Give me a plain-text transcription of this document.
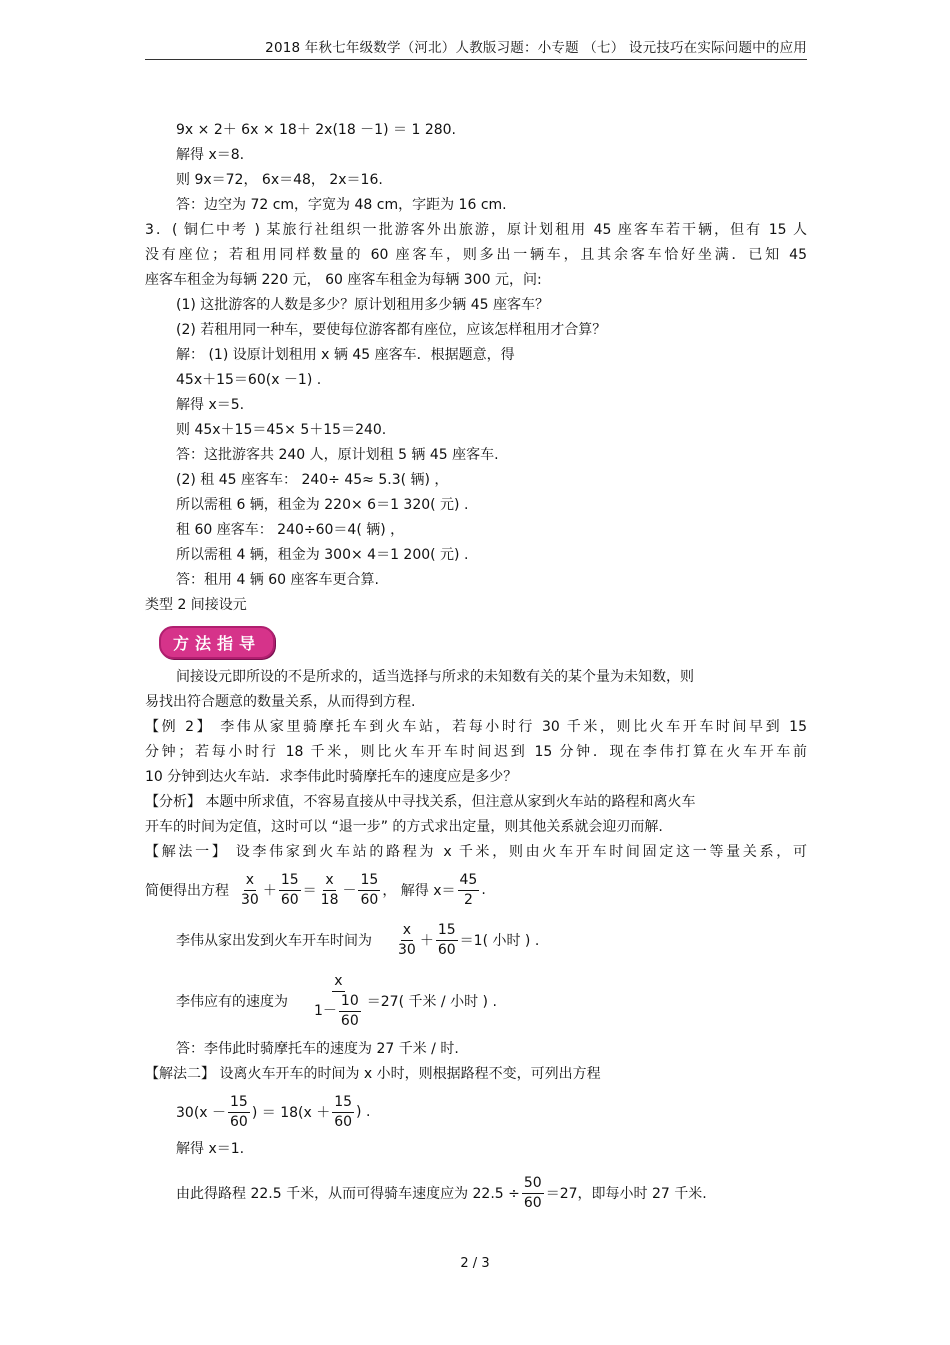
2018 年秋七年级数学（河北）人教版习题：小专题 （七） 设元技巧在实际问题中的应用
9x × 2＋ 6x × 18＋ 2x(18 －1) ＝ 1 280.
解得 x＝8.
则 9x＝72， 6x＝48， 2x＝16.
答：边空为 72 cm，字宽为 48 cm，字距为 16 cm.
3．( 铜仁中考 ) 某旅行社组织一批游客外出旅游，原计划租用 45 座客车若干辆，但有 15 人
没有座位；若租用同样数量的 60 座客车，则多出一辆车，且其余客车恰好坐满．已知 45
座客车租金为每辆 220 元， 60 座客车租金为每辆 300 元，问:
(1) 这批游客的人数是多少？原计划租用多少辆 45 座客车？
(2) 若租用同一种车，要使每位游客都有座位，应该怎样租用才合算？
解： (1) 设原计划租用 x 辆 45 座客车．根据题意，得
45x＋15＝60(x －1) .
解得 x＝5.
则 45x＋15＝45× 5＋15＝240.
答：这批游客共 240 人，原计划租 5 辆 45 座客车.
(2) 租 45 座客车： 240÷ 45≈ 5.3( 辆) ，
所以需租 6 辆，租金为 220× 6＝1 320( 元) .
租 60 座客车： 240÷60＝4( 辆) ，
所以需租 4 辆，租金为 300× 4＝1 200( 元) .
答：租用 4 辆 60 座客车更合算.
类型 2 间接设元
方法指导
间接设元即所设的不是所求的，适当选择与所求的未知数有关的某个量为未知数，则
易找出符合题意的数量关系，从而得到方程.
【例 2】 李伟从家里骑摩托车到火车站，若每小时行 30 千米，则比火车开车时间早到 15
分钟；若每小时行 18 千米，则比火车开车时间迟到 15 分钟．现在李伟打算在火车开车前
10 分钟到达火车站．求李伟此时骑摩托车的速度应是多少？
【分析】 本题中所求值，不容易直接从中寻找关系，但注意从家到火车站的路程和离火车
开车的时间为定值，这时可以 “退一步” 的方式求出定量，则其他关系就会迎刃而解.
【解法一】 设李伟家到火车站的路程为 x 千米，则由火车开车时间固定这一等量关系，可
简便得出方程 $\frac{x}{30} + \frac{15}{60} = \frac{x}{18} - \frac{15}{60}$ ， 解得 $x= \frac{45}{2}$ .
李伟从家出发到火车开车时间为 $\frac{x}{30} + \frac{15}{60} =1$( 小时 ) .
李伟应有的速度为 $\frac{x}{1- \frac{10}{60}} =27$( 千米 / 小时 ) .
答：李伟此时骑摩托车的速度为 27 千米 / 时.
【解法二】 设离火车开车的时间为 x 小时，则根据路程不变，可列出方程
$30(x - \frac{15}{60}$ ) ＝ $18(x + \frac{15}{60}$ ) .
解得 x＝1.
由此得路程 22.5 千米，从而可得骑车速度应为 $22.5 \div \frac{50}{60} =27$，即每小时 27 千米.
2 / 3
